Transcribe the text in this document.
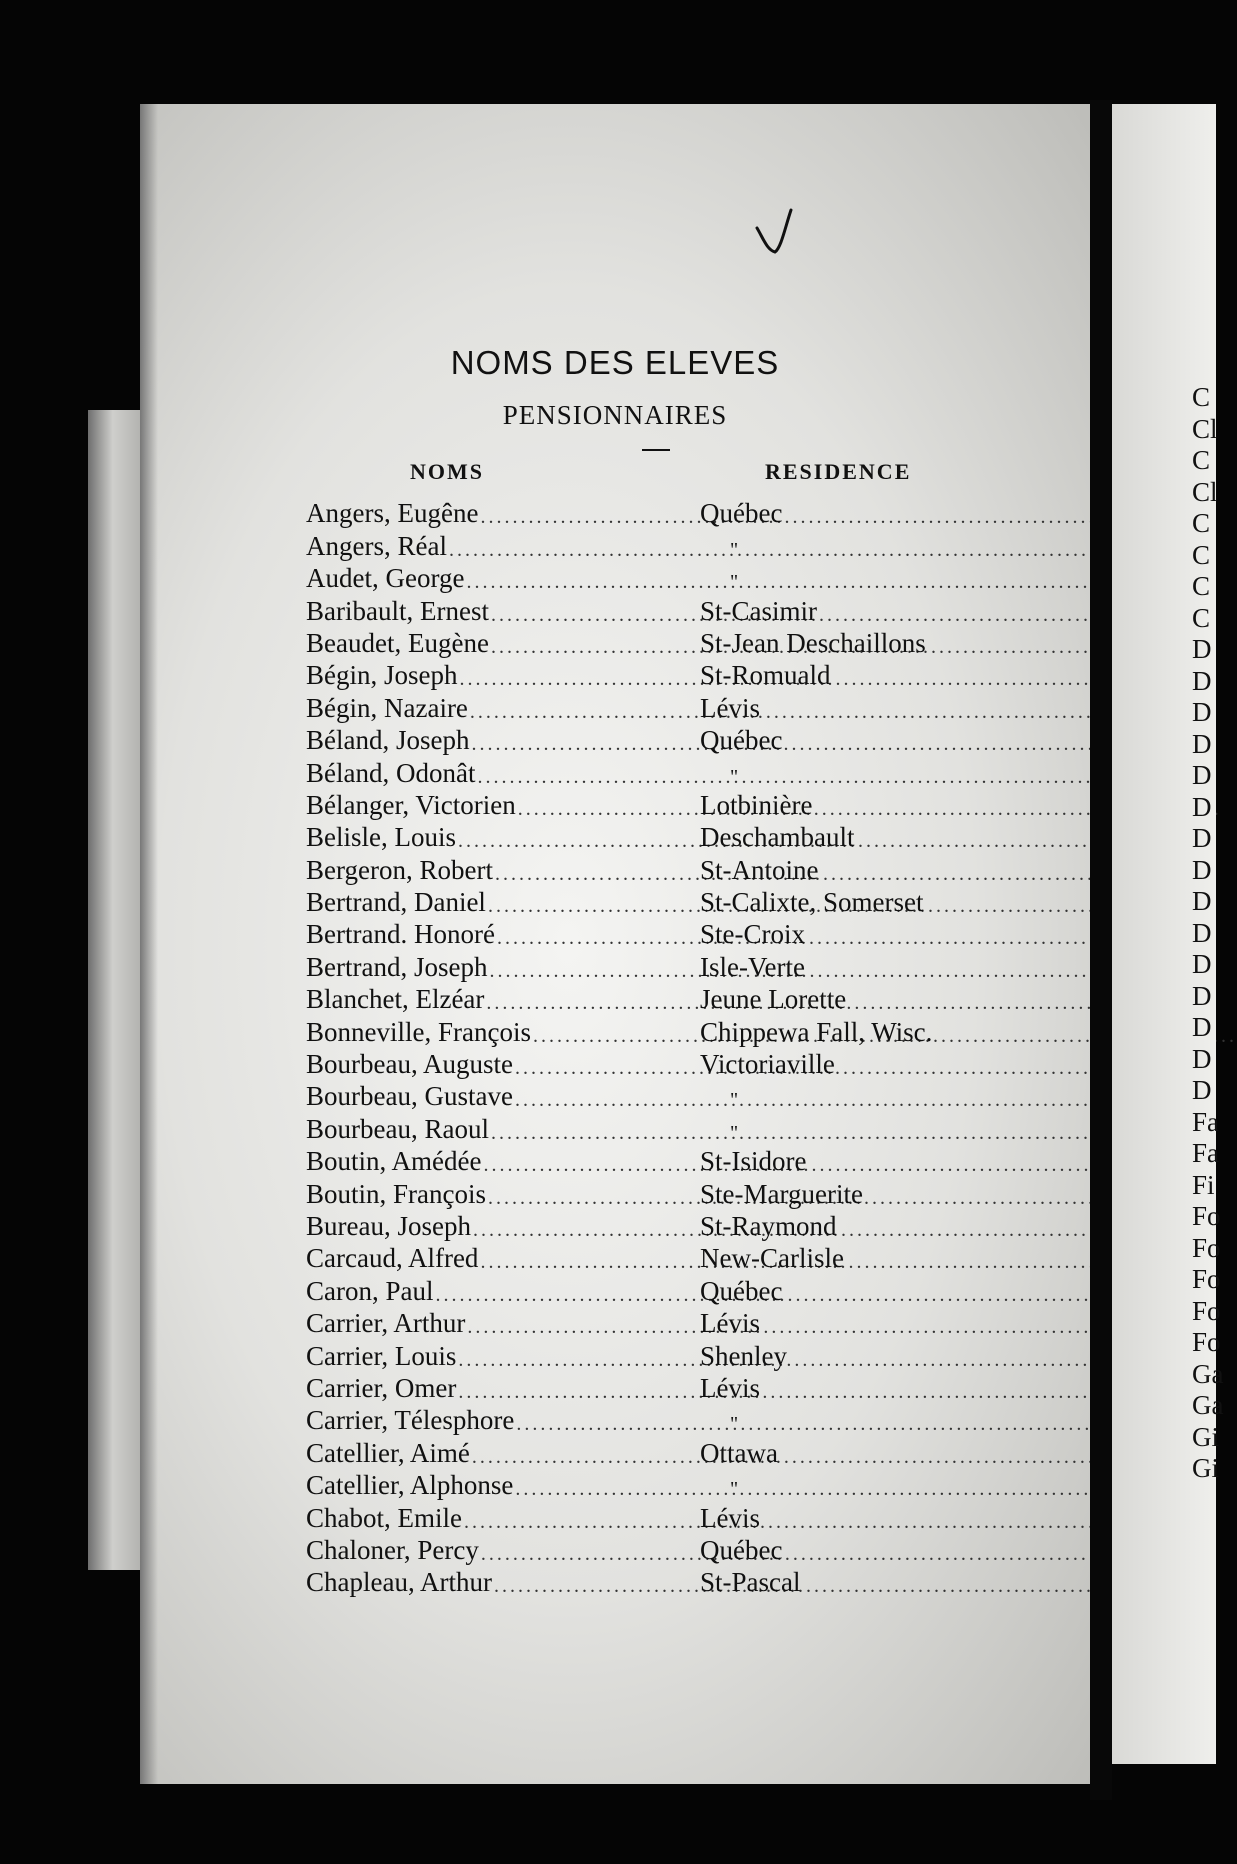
NOMS DES ELEVES
PENSIONNAIRES
NOMS	RESIDENCE
Angers, Eugêne .....	Québec
Angers, Réal .....	"
Audet, George .....	"
Baribault, Ernest .....	St-Casimir
Beaudet, Eugène .....	St-Jean Deschaillons
Bégin, Joseph .....	St-Romuald
Bégin, Nazaire .....	Lévis
Béland, Joseph .....	Québec
Béland, Odonât .....	"
Bélanger, Victorien .....	Lotbinière
Belisle, Louis .....	Deschambault
Bergeron, Robert .....	St-Antoine
Bertrand, Daniel .....	St-Calixte, Somerset
Bertrand. Honoré .....	Ste-Croix
Bertrand, Joseph .....	Isle-Verte
Blanchet, Elzéar .....	Jeune Lorette
Bonneville, François .....	Chippewa Fall, Wisc.
Bourbeau, Auguste .....	Victoriaville
Bourbeau, Gustave .....	"
Bourbeau, Raoul .....	"
Boutin, Amédée .....	St-Isidore
Boutin, François .....	Ste-Marguerite
Bureau, Joseph .....	St-Raymond
Carcaud, Alfred .....	New-Carlisle
Caron, Paul .....	Québec
Carrier, Arthur .....	Lévis
Carrier, Louis .....	Shenley
Carrier, Omer .....	Lévis
Carrier, Télesphore .....	"
Catellier, Aimé .....	Ottawa
Catellier, Alphonse .....	"
Chabot, Emile .....	Lévis
Chaloner, Percy .....	Québec
Chapleau, Arthur .....	St-Pascal
C
Cl
C
Cl
C
C
C
C
D
D
D
D
D
D
D
D
D
D
D
D
D
D
D
Fa
Fa
Fi
Fo
Fo
Fo
Fo
Fo
Ga
Ga
Gi
Gi
